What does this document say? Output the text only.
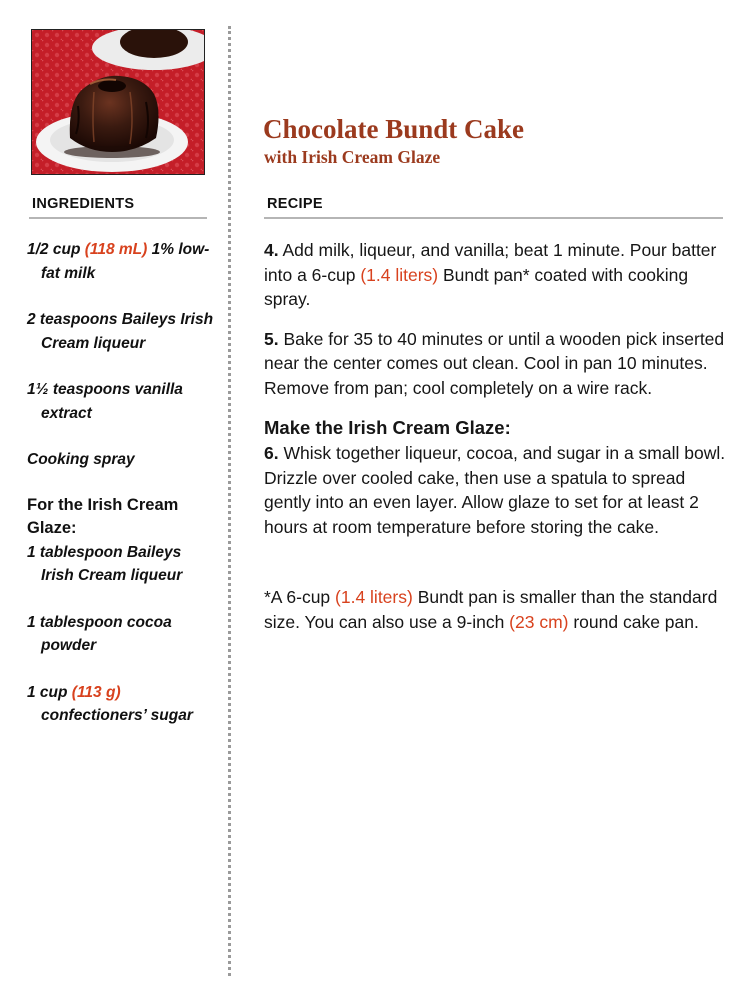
Chocolate Bundt Cake
with Irish Cream Glaze
INGREDIENTS	RECIPE

1/2 cup (118 mL) 1% low-fat milk

2 teaspoons Baileys Irish Cream liqueur

1½ teaspoons vanilla extract

Cooking spray

For the Irish Cream Glaze:

1 tablespoon Baileys Irish Cream liqueur

1 tablespoon cocoa powder

1 cup (113 g) confectioners’ sugar

4. Add milk, liqueur, and vanilla; beat 1 minute. Pour batter into a 6-cup (1.4 liters) Bundt pan* coated with cooking spray.

5. Bake for 35 to 40 minutes or until a wooden pick inserted near the center comes out clean. Cool in pan 10 minutes. Remove from pan; cool completely on a wire rack.

Make the Irish Cream Glaze:

6. Whisk together liqueur, cocoa, and sugar in a small bowl. Drizzle over cooled cake, then use a spatula to spread gently into an even layer. Allow glaze to set for at least 2 hours at room temperature before storing the cake.

*A 6-cup (1.4 liters) Bundt pan is smaller than the standard size. You can also use a 9-inch (23 cm) round cake pan.
